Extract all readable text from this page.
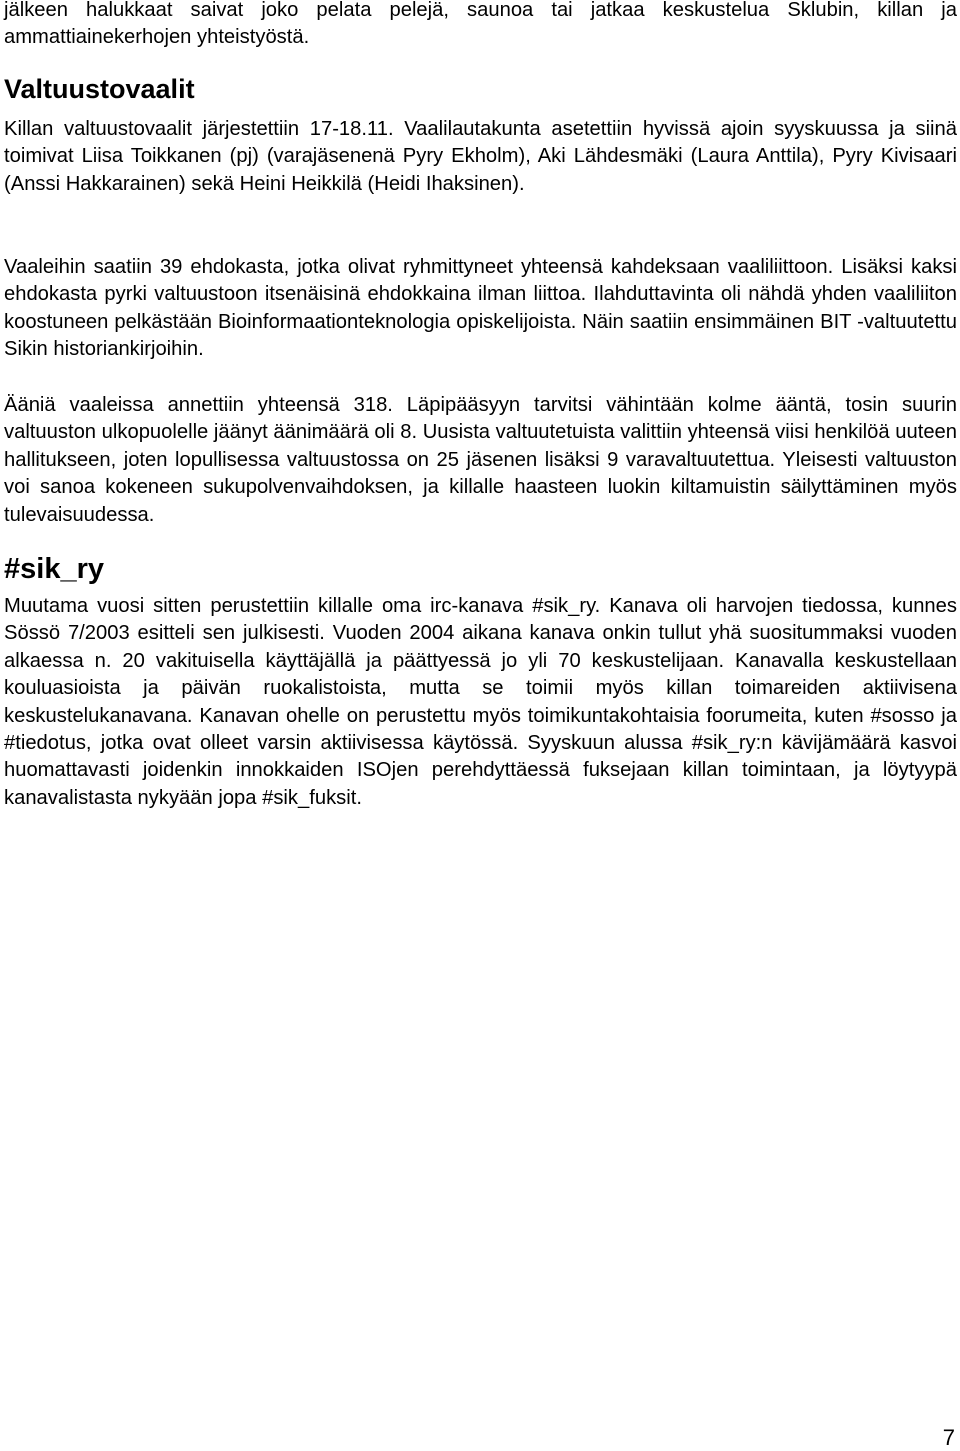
jälkeen halukkaat saivat joko pelata pelejä, saunoa tai jatkaa keskustelua Sklubin, killan ja ammattiainekerhojen yhteistyöstä.

Valtuustovaalit

Killan valtuustovaalit järjestettiin 17-18.11. Vaalilautakunta asetettiin hyvissä ajoin syyskuussa ja siinä toimivat Liisa Toikkanen (pj) (varajäsenenä Pyry Ekholm), Aki Lähdesmäki (Laura Anttila), Pyry Kivisaari (Anssi Hakkarainen) sekä Heini Heikkilä (Heidi Ihaksinen).

Vaaleihin saatiin 39 ehdokasta, jotka olivat ryhmittyneet yhteensä kahdeksaan vaaliliittoon. Lisäksi kaksi ehdokasta pyrki valtuustoon itsenäisinä ehdokkaina ilman liittoa. Ilahduttavinta oli nähdä yhden vaaliliiton koostuneen pelkästään Bioinformaationteknologia opiskelijoista. Näin saatiin ensimmäinen BIT -valtuutettu Sikin historiankirjoihin.

Ääniä vaaleissa annettiin yhteensä 318. Läpipääsyyn tarvitsi vähintään kolme ääntä, tosin suurin valtuuston ulkopuolelle jäänyt äänimäärä oli 8. Uusista valtuutetuista valittiin yhteensä viisi henkilöä uuteen hallitukseen, joten lopullisessa valtuustossa on 25 jäsenen lisäksi 9 varavaltuutettua. Yleisesti valtuuston voi sanoa kokeneen sukupolvenvaihdoksen, ja killalle haasteen luokin kiltamuistin säilyttäminen myös tulevaisuudessa.

#sik_ry

Muutama vuosi sitten perustettiin killalle oma irc-kanava #sik_ry. Kanava oli harvojen tiedossa, kunnes Sössö 7/2003 esitteli sen julkisesti. Vuoden 2004 aikana kanava onkin tullut yhä suositummaksi vuoden alkaessa n. 20 vakituisella käyttäjällä ja päättyessä jo yli 70 keskustelijaan. Kanavalla keskustellaan kouluasioista ja päivän ruokalistoista, mutta se toimii myös killan toimareiden aktiivisena keskustelukanavana. Kanavan ohelle on perustettu myös toimikuntakohtaisia foorumeita, kuten #sosso ja #tiedotus, jotka ovat olleet varsin aktiivisessa käytössä. Syyskuun alussa #sik_ry:n kävijämäärä kasvoi huomattavasti joidenkin innokkaiden ISOjen perehdyttäessä fuksejaan killan toimintaan, ja löytyypä kanavalistasta nykyään jopa #sik_fuksit.

7
